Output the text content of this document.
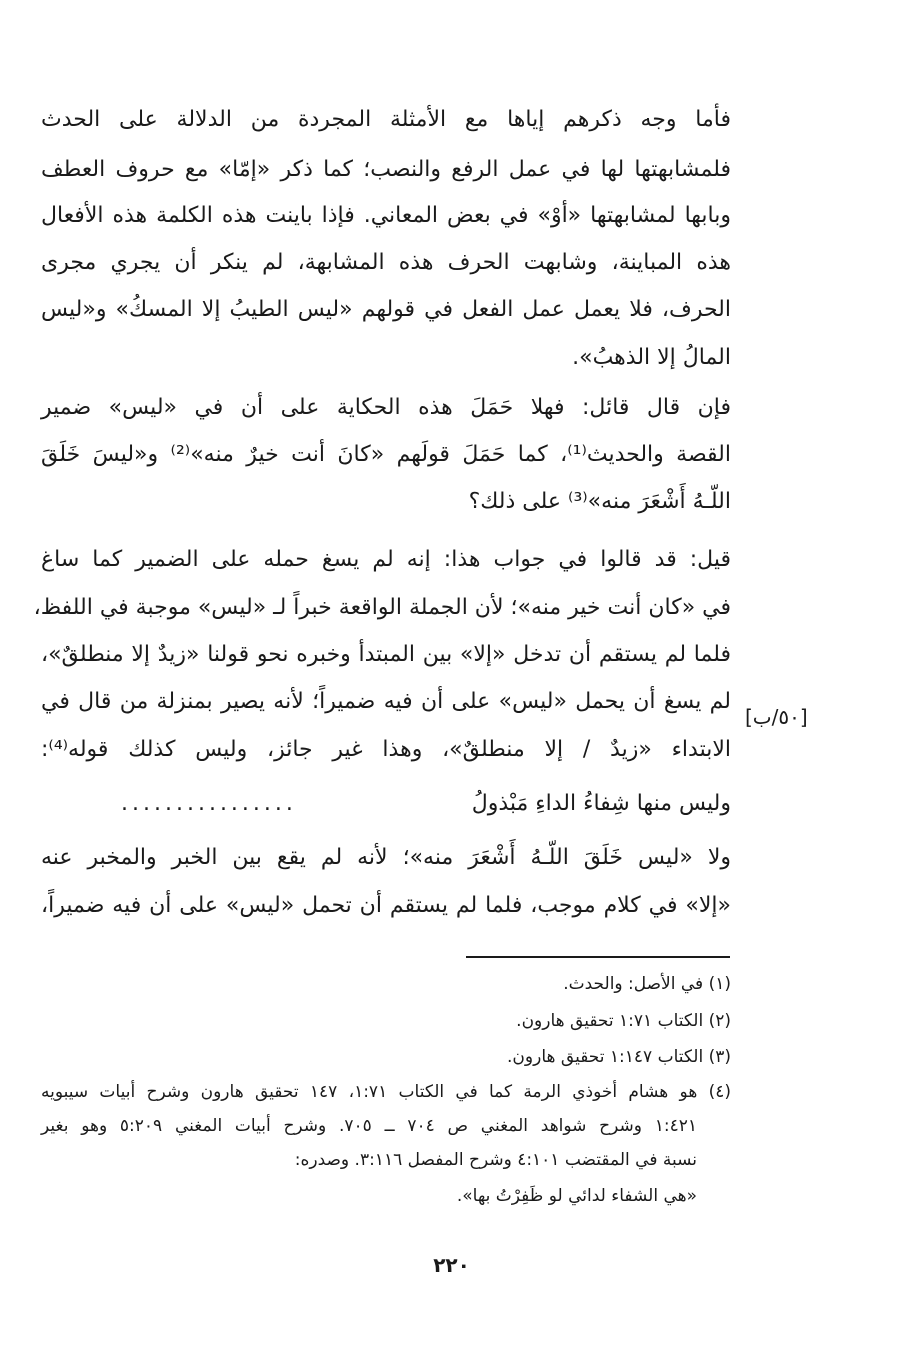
فأما وجه ذكرهم إياها مع الأمثلة المجردة من الدلالة على الحدث
فلمشابهتها لها في عمل الرفع والنصب؛ كما ذكر «إمّا» مع حروف العطف
وبابها لمشابهتها «أوْ» في بعض المعاني. فإذا باينت هذه الكلمة هذه الأفعال
هذه المباينة، وشابهت الحرف هذه المشابهة، لم ينكر أن يجري مجرى
الحرف، فلا يعمل عمل الفعل في قولهم «ليس الطيبُ إلا المسكُ» و«ليس
المالُ إلا الذهبُ».
فإن قال قائل: فهلا حَمَلَ هذه الحكاية على أن في «ليس» ضمير
القصة والحديث⁽¹⁾، كما حَمَلَ قولَهم «كانَ أنت خيرٌ منه»⁽²⁾ و«ليسَ خَلَقَ
اللّـهُ أَشْعَرَ منه»⁽³⁾ على ذلك؟
قيل: قد قالوا في جواب هذا: إنه لم يسغ حمله على الضمير كما ساغ
في «كان أنت خير منه»؛ لأن الجملة الواقعة خبراً لـ «ليس» موجبة في اللفظ،
فلما لم يستقم أن تدخل «إلا» بين المبتدأ وخبره نحو قولنا «زيدٌ إلا منطلقٌ»،
لم يسغ أن يحمل «ليس» على أن فيه ضميراً؛ لأنه يصير بمنزلة من قال في
الابتداء «زيدٌ / إلا منطلقٌ»، وهذا غير جائز، وليس كذلك قوله⁽⁴⁾:
[٥٠/ب]
وليس منها شِفاءُ الداءِ مَبْذولُ
................
ولا «ليس خَلَقَ اللّـهُ أَشْعَرَ منه»؛ لأنه لم يقع بين الخبر والمخبر عنه
«إلا» في كلام موجب، فلما لم يستقم أن تحمل «ليس» على أن فيه ضميراً،
(١) في الأصل: والحدث.
(٢) الكتاب ١:٧١ تحقيق هارون.
(٣) الكتاب ١:١٤٧ تحقيق هارون.
(٤) هو هشام أخوذي الرمة كما في الكتاب ١:٧١، ١٤٧ تحقيق هارون وشرح أبيات سيبويه
١:٤٢١ وشرح شواهد المغني ص ٧٠٤ ــ ٧٠٥. وشرح أبيات المغني ٥:٢٠٩ وهو بغير
نسبة في المقتضب ٤:١٠١ وشرح المفصل ٣:١١٦. وصدره:
«هي الشفاء لدائي لو ظَفِرْتُ بها».
٢٢٠
